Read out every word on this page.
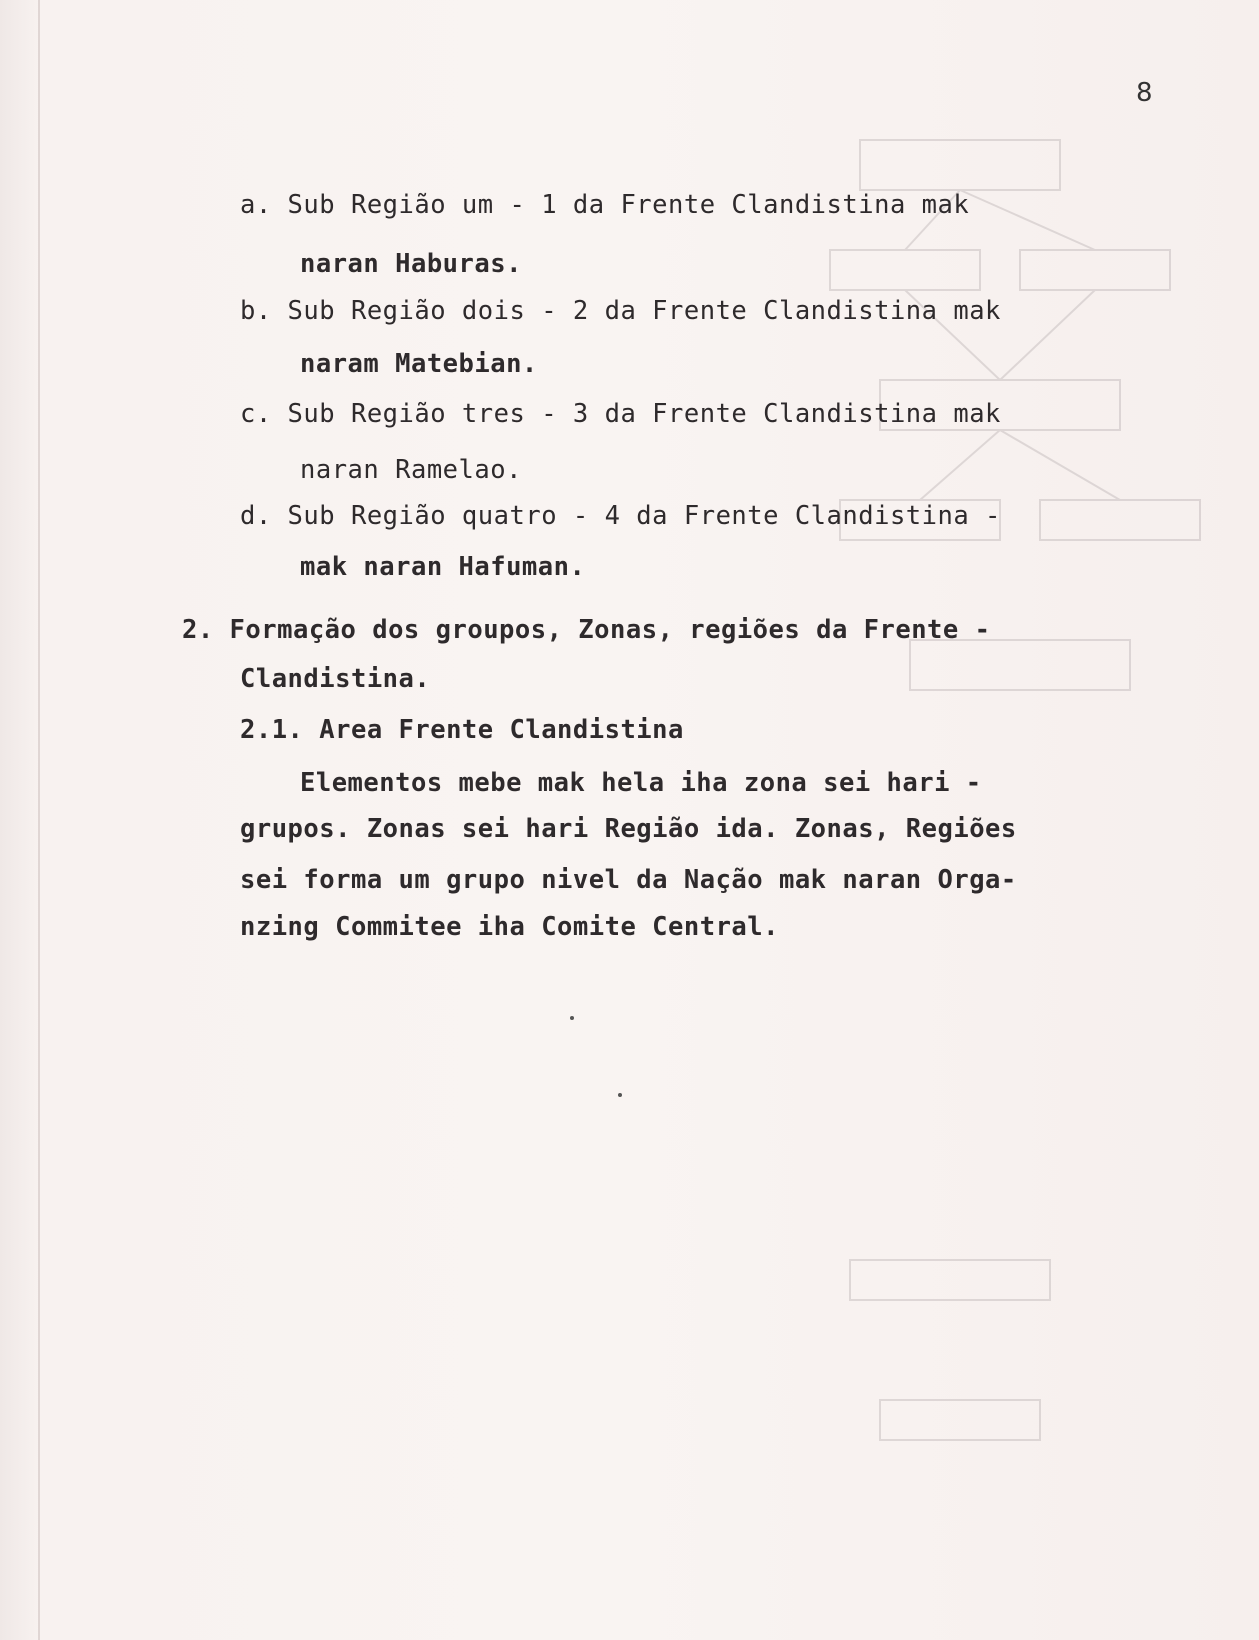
8
a. Sub Região um - 1 da Frente Clandistina mak
naran Haburas.
b. Sub Região dois - 2 da Frente Clandistina mak
naram Matebian.
c. Sub Região tres - 3 da Frente Clandistina mak
naran Ramelao.
d. Sub Região quatro - 4 da Frente Clandistina -
mak naran Hafuman.
2. Formação dos groupos, Zonas, regiões da Frente -
Clandistina.
2.1. Area Frente Clandistina
Elementos mebe mak hela iha zona sei hari -
grupos. Zonas sei hari Região ida. Zonas, Regiões
sei forma um grupo nivel da Nação mak naran Orga-
nzing Commitee iha Comite Central.
